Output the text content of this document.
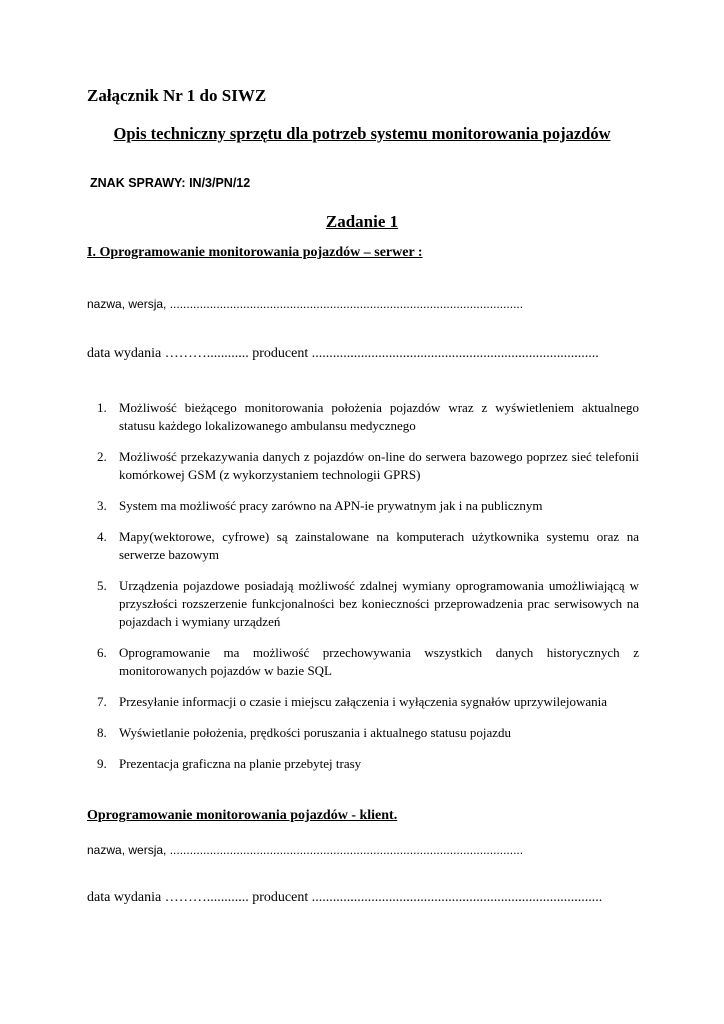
Załącznik Nr 1 do SIWZ
Opis techniczny sprzętu dla potrzeb systemu monitorowania pojazdów
ZNAK SPRAWY: IN/3/PN/12
Zadanie 1
I. Oprogramowanie monitorowania pojazdów – serwer :
nazwa, wersja, ..........................................................................................................
data wydania ………............ producent ..................................................................................
1. Możliwość bieżącego monitorowania położenia pojazdów wraz z wyświetleniem aktualnego statusu każdego lokalizowanego ambulansu medycznego
2. Możliwość przekazywania danych z pojazdów on-line do serwera bazowego poprzez sieć telefonii komórkowej GSM (z wykorzystaniem technologii GPRS)
3. System ma możliwość pracy zarówno na APN-ie prywatnym jak i na publicznym
4. Mapy(wektorowe, cyfrowe) są zainstalowane na komputerach użytkownika systemu oraz na serwerze bazowym
5. Urządzenia pojazdowe posiadają możliwość zdalnej wymiany oprogramowania umożliwiającą w przyszłości rozszerzenie funkcjonalności bez konieczności przeprowadzenia prac serwisowych na pojazdach i wymiany urządzeń
6. Oprogramowanie ma możliwość przechowywania wszystkich danych historycznych z monitorowanych pojazdów w bazie SQL
7. Przesyłanie informacji o czasie i miejscu załączenia i wyłączenia sygnałów uprzywilejowania
8. Wyświetlanie położenia, prędkości poruszania i aktualnego statusu pojazdu
9. Prezentacja graficzna na planie przebytej trasy
Oprogramowanie monitorowania pojazdów - klient.
nazwa, wersja, ..........................................................................................................
data wydania ………............ producent ...................................................................................
